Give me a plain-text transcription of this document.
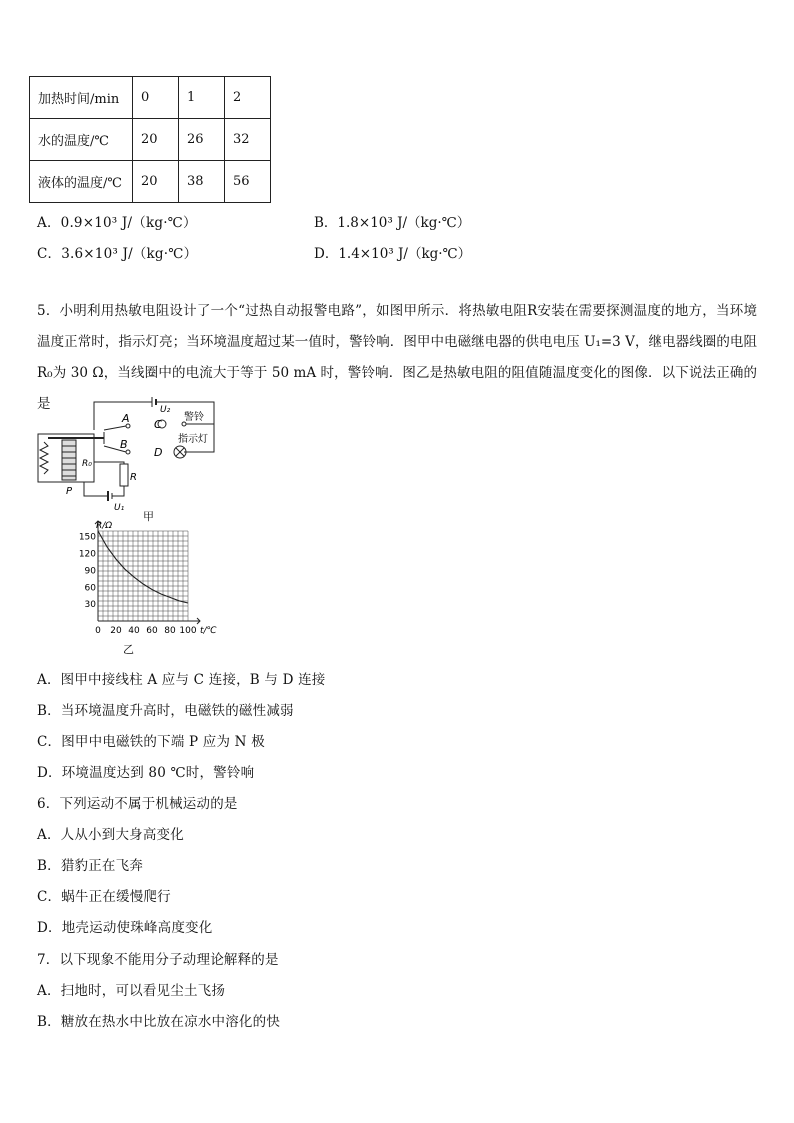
加热时间/min	0	1	2
水的温度/℃	20	26	32
液体的温度/℃	20	38	56
A．0.9×10³ J/（kg·℃）	B．1.8×10³ J/（kg·℃）
C．3.6×10³ J/（kg·℃）	D．1.4×10³ J/（kg·℃）
5．小明利用热敏电阻设计了一个“过热自动报警电路”，如图甲所示．将热敏电阻R安装在需要探测温度的地方，当环境温度正常时，指示灯亮；当环境温度超过某一值时，警铃响．图甲中电磁继电器的供电电压 U₁=3 V，继电器线圈的电阻 R₀为 30 Ω，当线圈中的电流大于等于 50 mA 时，警铃响．图乙是热敏电阻的阻值随温度变化的图像．以下说法正确的是
A
B
C
D
U₂
U₁
R
R₀
P
警铃
指示灯
甲
0 20 40 60 80 100
30
60
90
120
150
R/Ω
t/℃
乙
A．图甲中接线柱 A 应与 C 连接，B 与 D 连接
B．当环境温度升高时，电磁铁的磁性减弱
C．图甲中电磁铁的下端 P 应为 N 极
D．环境温度达到 80 ℃时，警铃响
6．下列运动不属于机械运动的是
A．人从小到大身高变化
B．猎豹正在飞奔
C．蜗牛正在缓慢爬行
D．地壳运动使珠峰高度变化
7．以下现象不能用分子动理论解释的是
A．扫地时，可以看见尘土飞扬
B．糖放在热水中比放在凉水中溶化的快
